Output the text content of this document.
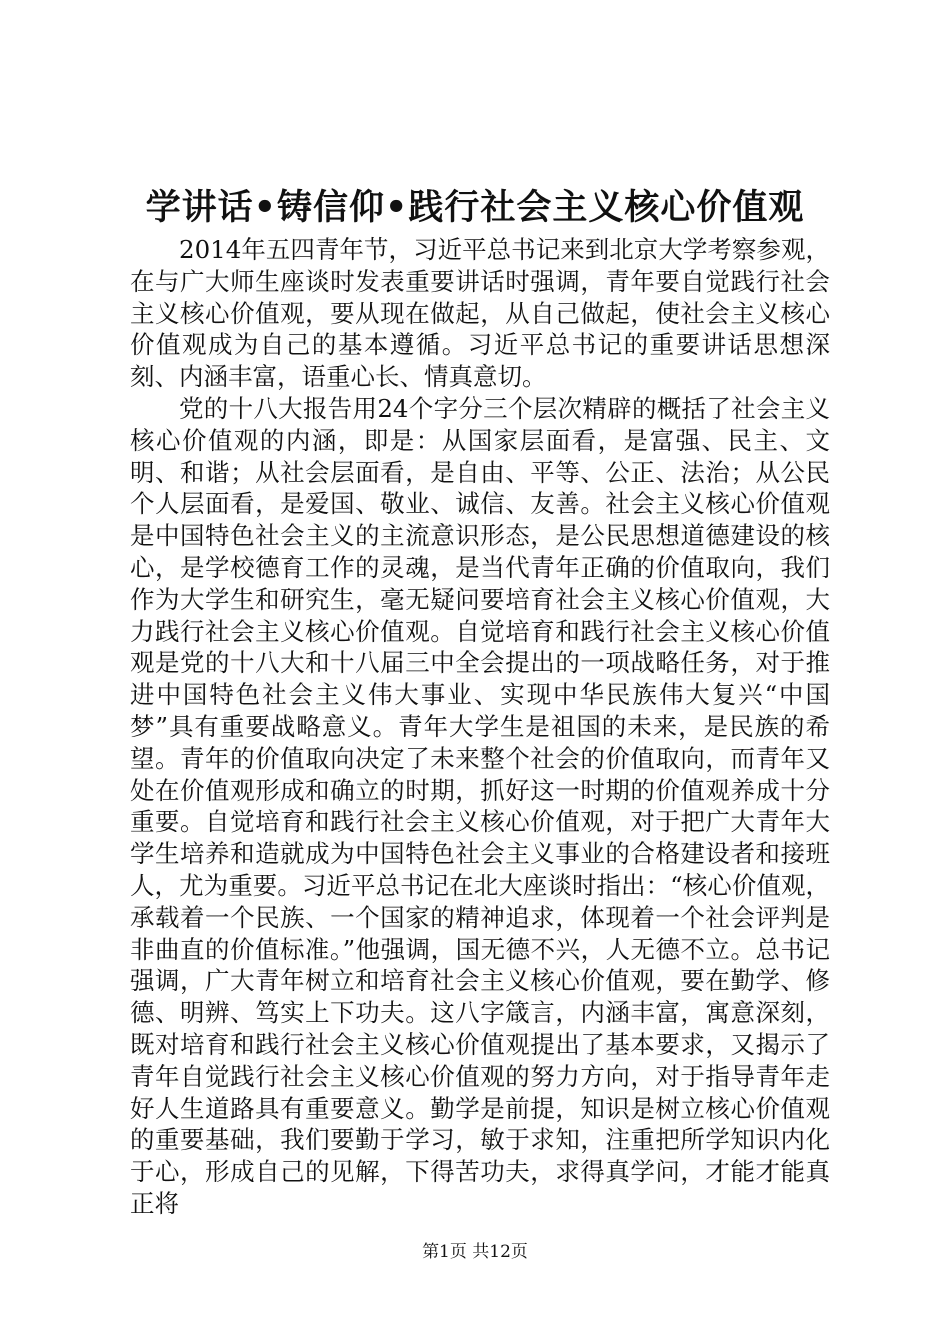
学讲话•铸信仰•践行社会主义核心价值观

2014年五四青年节，习近平总书记来到北京大学考察参观，在与广大师生座谈时发表重要讲话时强调，青年要自觉践行社会主义核心价值观，要从现在做起，从自己做起，使社会主义核心价值观成为自己的基本遵循。习近平总书记的重要讲话思想深刻、内涵丰富，语重心长、情真意切。

党的十八大报告用24个字分三个层次精辟的概括了社会主义核心价值观的内涵，即是：从国家层面看，是富强、民主、文明、和谐；从社会层面看，是自由、平等、公正、法治；从公民个人层面看，是爱国、敬业、诚信、友善。社会主义核心价值观是中国特色社会主义的主流意识形态，是公民思想道德建设的核心，是学校德育工作的灵魂，是当代青年正确的价值取向，我们作为大学生和研究生，毫无疑问要培育社会主义核心价值观，大力践行社会主义核心价值观。自觉培育和践行社会主义核心价值观是党的十八大和十八届三中全会提出的一项战略任务，对于推进中国特色社会主义伟大事业、实现中华民族伟大复兴“中国梦”具有重要战略意义。青年大学生是祖国的未来，是民族的希望。青年的价值取向决定了未来整个社会的价值取向，而青年又处在价值观形成和确立的时期，抓好这一时期的价值观养成十分重要。自觉培育和践行社会主义核心价值观，对于把广大青年大学生培养和造就成为中国特色社会主义事业的合格建设者和接班人，尤为重要。习近平总书记在北大座谈时指出：“核心价值观，承载着一个民族、一个国家的精神追求，体现着一个社会评判是非曲直的价值标准。”他强调，国无德不兴，人无德不立。总书记强调，广大青年树立和培育社会主义核心价值观，要在勤学、修德、明辨、笃实上下功夫。这八字箴言，内涵丰富，寓意深刻，既对培育和践行社会主义核心价值观提出了基本要求，又揭示了青年自觉践行社会主义核心价值观的努力方向，对于指导青年走好人生道路具有重要意义。勤学是前提，知识是树立核心价值观的重要基础，我们要勤于学习，敏于求知，注重把所学知识内化于心，形成自己的见解，下得苦功夫，求得真学问，才能才能真正将

第1页 共12页
